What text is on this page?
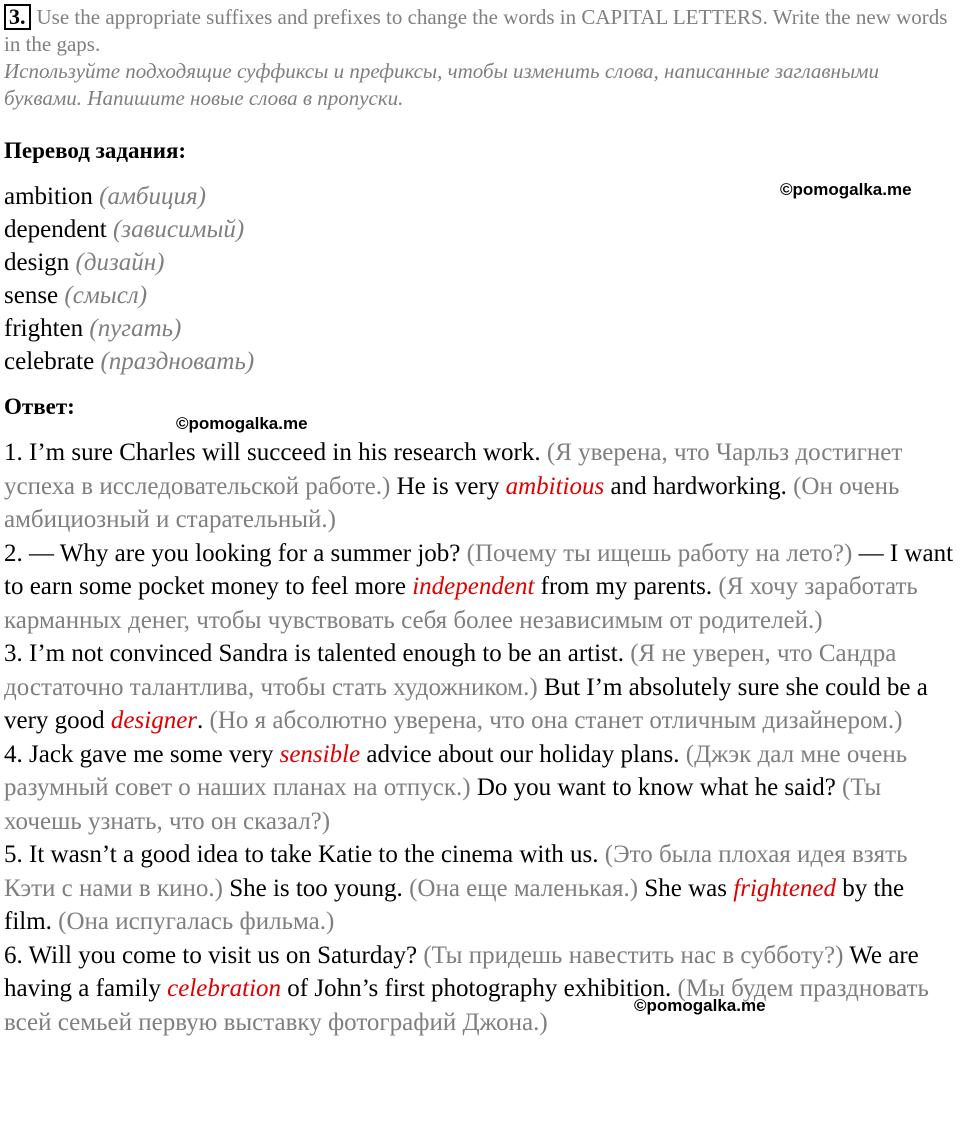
3. Use the appropriate suffixes and prefixes to change the words in CAPITAL LETTERS. Write the new words in the gaps.
Используйте подходящие суффиксы и префиксы, чтобы изменить слова, написанные заглавными буквами. Напишите новые слова в пропуски.
Перевод задания:
ambition (амбиция)
dependent (зависимый)
design (дизайн)
sense (смысл)
frighten (пугать)
celebrate (праздновать)
©pomogalka.me
Ответ:
©pomogalka.me

1. I’m sure Charles will succeed in his research work. (Я уверена, что Чарльз достигнет успеха в исследовательской работе.) He is very ambitious and hardworking. (Он очень амбициозный и старательный.)

2. — Why are you looking for a summer job? (Почему ты ищешь работу на лето?) — I want to earn some pocket money to feel more independent from my parents. (Я хочу заработать карманных денег, чтобы чувствовать себя более независимым от родителей.)

3. I’m not convinced Sandra is talented enough to be an artist. (Я не уверен, что Сандра достаточно талантлива, чтобы стать художником.) But I’m absolutely sure she could be a very good designer. (Но я абсолютно уверена, что она станет отличным дизайнером.)

4. Jack gave me some very sensible advice about our holiday plans. (Джэк дал мне очень разумный совет о наших планах на отпуск.) Do you want to know what he said? (Ты хочешь узнать, что он сказал?)

5. It wasn’t a good idea to take Katie to the cinema with us. (Это была плохая идея взять Кэти с нами в кино.) She is too young. (Она еще маленькая.) She was frightened by the film. (Она испугалась фильма.)

6. Will you come to visit us on Saturday? (Ты придешь навестить нас в субботу?) We are having a family celebration of John’s first photography exhibition. (Мы будем праздновать всей семьей первую выставку фотографий Джона.)

©pomogalka.me
